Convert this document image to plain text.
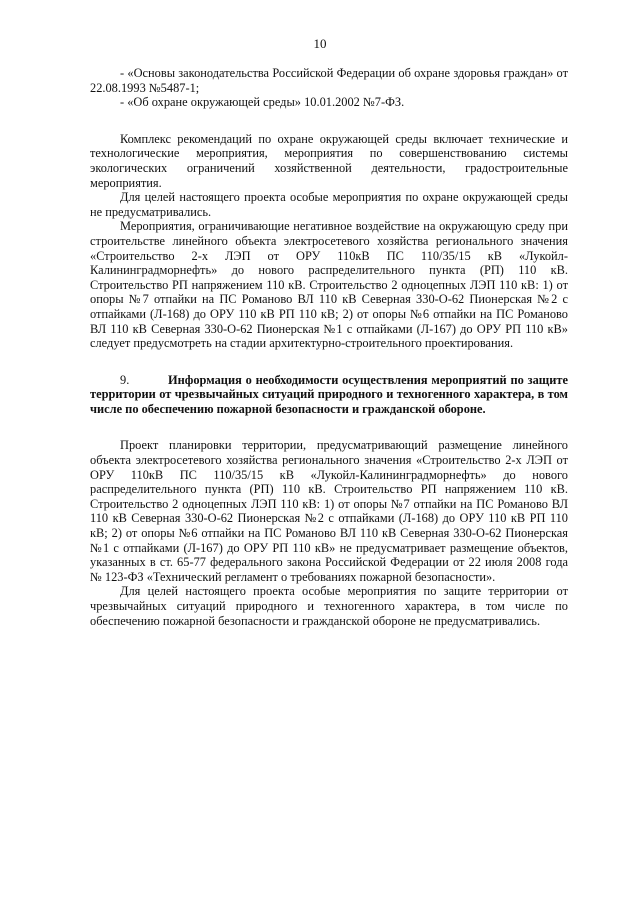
10

- «Основы законодательства Российской Федерации об охране здоровья граждан» от 22.08.1993 №5487-1;

- «Об охране окружающей среды» 10.01.2002 №7-ФЗ.

Комплекс рекомендаций по охране окружающей среды включает технические и технологические мероприятия, мероприятия по совершенствованию системы экологических ограничений хозяйственной деятельности, градостроительные мероприятия.

Для целей настоящего проекта особые мероприятия по охране окружающей среды не предусматривались.

Мероприятия, ограничивающие негативное воздействие на окружающую среду при строительстве линейного объекта электросетевого хозяйства регионального значения «Строительство 2-х ЛЭП от ОРУ 110кВ ПС 110/35/15 кВ «Лукойл-Калининградморнефть» до нового распределительного пункта (РП) 110 кВ. Строительство РП напряжением 110 кВ. Строительство 2 одноцепных ЛЭП 110 кВ: 1) от опоры №7 отпайки на ПС Романово ВЛ 110 кВ Северная 330-О-62 Пионерская №2 с отпайками (Л-168) до ОРУ 110 кВ РП 110 кВ; 2) от опоры №6 отпайки на ПС Романово ВЛ 110 кВ Северная 330-О-62 Пионерская №1 с отпайками (Л-167) до ОРУ РП 110 кВ» следует предусмотреть на стадии архитектурно-строительного проектирования.

9.	Информация о необходимости осуществления мероприятий по защите территории от чрезвычайных ситуаций природного и техногенного характера, в том числе по обеспечению пожарной безопасности и гражданской обороне.

Проект планировки территории, предусматривающий размещение линейного объекта электросетевого хозяйства регионального значения «Строительство 2-х ЛЭП от ОРУ 110кВ ПС 110/35/15 кВ «Лукойл-Калининградморнефть» до нового распределительного пункта (РП) 110 кВ. Строительство РП напряжением 110 кВ. Строительство 2 одноцепных ЛЭП 110 кВ: 1) от опоры №7 отпайки на ПС Романово ВЛ 110 кВ Северная 330-О-62 Пионерская №2 с отпайками (Л-168) до ОРУ 110 кВ РП 110 кВ; 2) от опоры №6 отпайки на ПС Романово ВЛ 110 кВ Северная 330-О-62 Пионерская №1 с отпайками (Л-167) до ОРУ РП 110 кВ» не предусматривает размещение объектов, указанных в ст. 65-77 федерального закона Российской Федерации от 22 июля 2008 года № 123-ФЗ «Технический регламент о требованиях пожарной безопасности».

Для целей настоящего проекта особые мероприятия по защите территории от чрезвычайных ситуаций природного и техногенного характера, в том числе по обеспечению пожарной безопасности и гражданской обороне не предусматривались.
